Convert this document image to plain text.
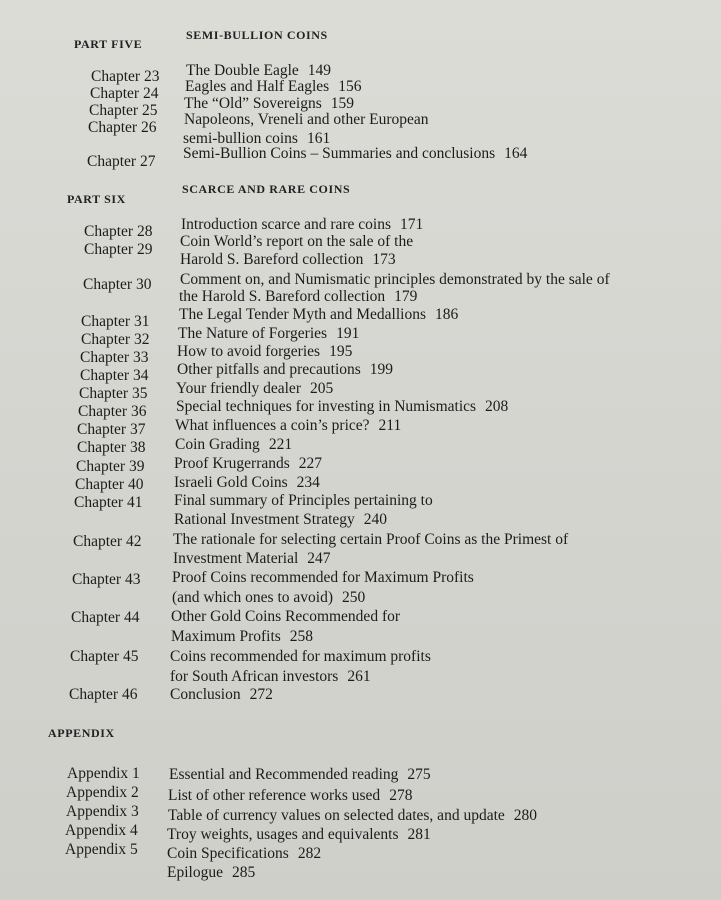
PART FIVE
SEMI-BULLION COINS
Chapter 23 The Double Eagle 149
Chapter 24 Eagles and Half Eagles 156
Chapter 25 The “Old” Sovereigns 159
Chapter 26 Napoleons, Vreneli and other European
semi-bullion coins 161
Chapter 27 Semi-Bullion Coins – Summaries and conclusions 164
PART SIX
SCARCE AND RARE COINS
Chapter 28 Introduction scarce and rare coins 171
Chapter 29 Coin World’s report on the sale of the
Harold S. Bareford collection 173
Chapter 30 Comment on, and Numismatic principles demonstrated by the sale of
the Harold S. Bareford collection 179
Chapter 31 The Legal Tender Myth and Medallions 186
Chapter 32 The Nature of Forgeries 191
Chapter 33 How to avoid forgeries 195
Chapter 34 Other pitfalls and precautions 199
Chapter 35 Your friendly dealer 205
Chapter 36 Special techniques for investing in Numismatics 208
Chapter 37 What influences a coin’s price? 211
Chapter 38 Coin Grading 221
Chapter 39 Proof Krugerrands 227
Chapter 40 Israeli Gold Coins 234
Chapter 41 Final summary of Principles pertaining to
Rational Investment Strategy 240
Chapter 42 The rationale for selecting certain Proof Coins as the Primest of
Investment Material 247
Chapter 43 Proof Coins recommended for Maximum Profits
(and which ones to avoid) 250
Chapter 44 Other Gold Coins Recommended for
Maximum Profits 258
Chapter 45 Coins recommended for maximum profits
for South African investors 261
Chapter 46 Conclusion 272
APPENDIX
Appendix 1 Essential and Recommended reading 275
Appendix 2 List of other reference works used 278
Appendix 3 Table of currency values on selected dates, and update 280
Appendix 4 Troy weights, usages and equivalents 281
Appendix 5 Coin Specifications 282
Epilogue 285
